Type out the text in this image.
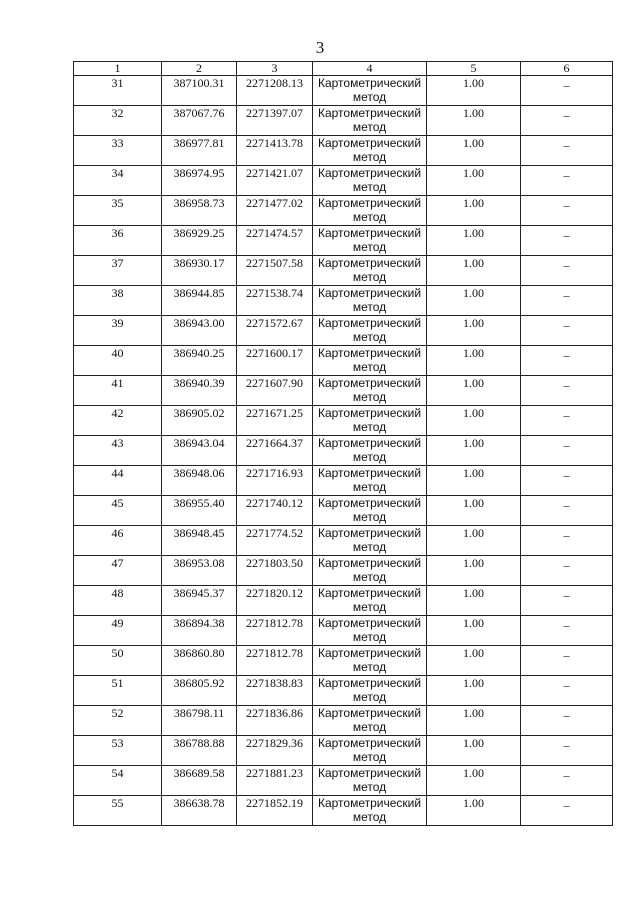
3
1	2	3	4	5	6
31	387100.31	2271208.13	Картометрический метод	1.00	–
32	387067.76	2271397.07	Картометрический метод	1.00	–
33	386977.81	2271413.78	Картометрический метод	1.00	–
34	386974.95	2271421.07	Картометрический метод	1.00	–
35	386958.73	2271477.02	Картометрический метод	1.00	–
36	386929.25	2271474.57	Картометрический метод	1.00	–
37	386930.17	2271507.58	Картометрический метод	1.00	–
38	386944.85	2271538.74	Картометрический метод	1.00	–
39	386943.00	2271572.67	Картометрический метод	1.00	–
40	386940.25	2271600.17	Картометрический метод	1.00	–
41	386940.39	2271607.90	Картометрический метод	1.00	–
42	386905.02	2271671.25	Картометрический метод	1.00	–
43	386943.04	2271664.37	Картометрический метод	1.00	–
44	386948.06	2271716.93	Картометрический метод	1.00	–
45	386955.40	2271740.12	Картометрический метод	1.00	–
46	386948.45	2271774.52	Картометрический метод	1.00	–
47	386953.08	2271803.50	Картометрический метод	1.00	–
48	386945.37	2271820.12	Картометрический метод	1.00	–
49	386894.38	2271812.78	Картометрический метод	1.00	–
50	386860.80	2271812.78	Картометрический метод	1.00	–
51	386805.92	2271838.83	Картометрический метод	1.00	–
52	386798.11	2271836.86	Картометрический метод	1.00	–
53	386788.88	2271829.36	Картометрический метод	1.00	–
54	386689.58	2271881.23	Картометрический метод	1.00	–
55	386638.78	2271852.19	Картометрический метод	1.00	–
